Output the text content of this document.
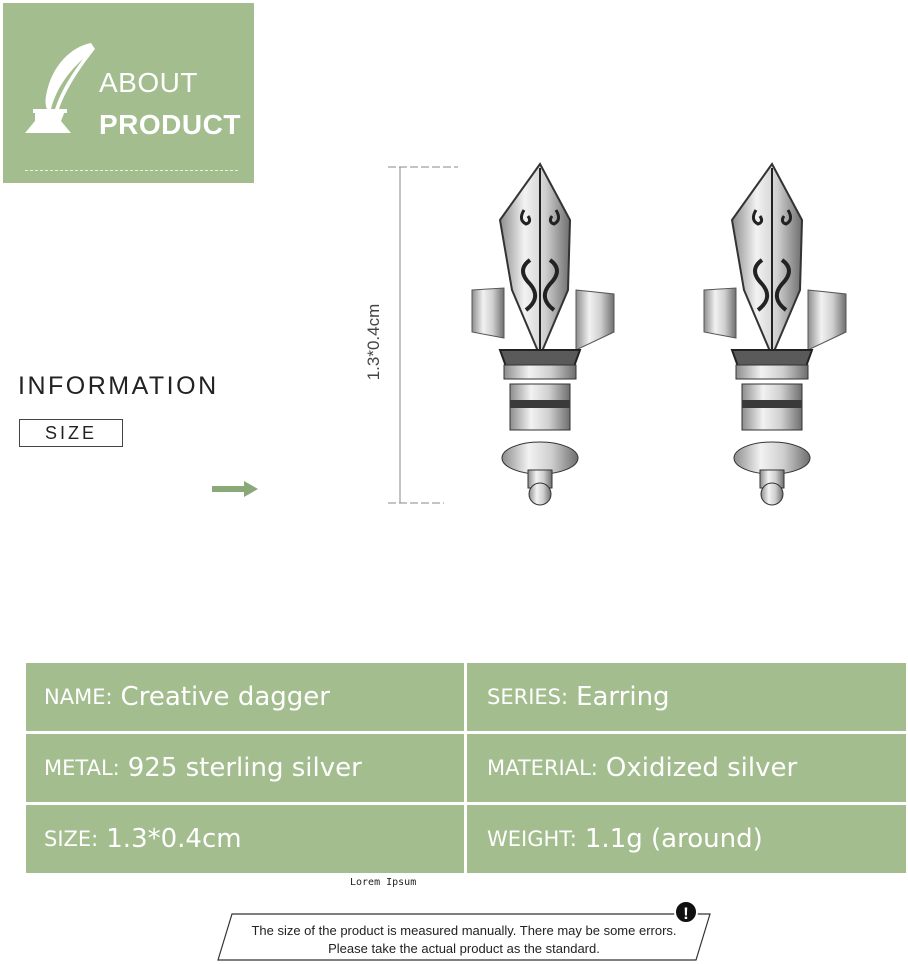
ABOUT
PRODUCT
INFORMATION
SIZE
1.3*0.4cm
NAME: Creative dagger	SERIES: Earring
METAL: 925 sterling silver	MATERIAL: Oxidized silver
SIZE: 1.3*0.4cm	WEIGHT: 1.1g (around)
Lorem Ipsum
The size of the product is measured manually. There may be some errors.
Please take the actual product as the standard.
!
